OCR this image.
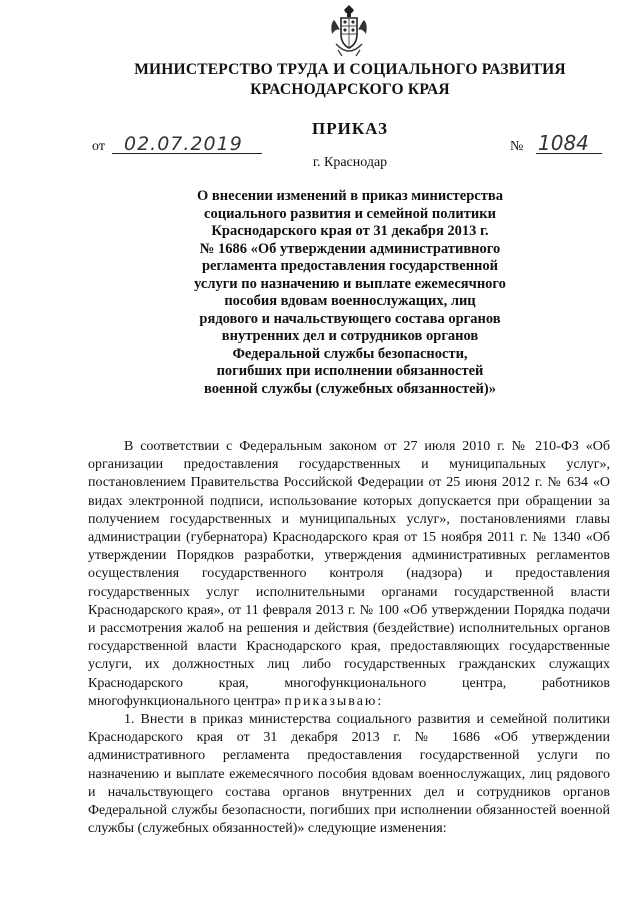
МИНИСТЕРСТВО ТРУДА И СОЦИАЛЬНОГО РАЗВИТИЯ
КРАСНОДАРСКОГО КРАЯ
ПРИКАЗ
от 02.07.2019	№ 1084
г. Краснодар
О внесении изменений в приказ министерства
социального развития и семейной политики
Краснодарского края от 31 декабря 2013 г.
№ 1686 «Об утверждении административного
регламента предоставления государственной
услуги по назначению и выплате ежемесячного
пособия вдовам военнослужащих, лиц
рядового и начальствующего состава органов
внутренних дел и сотрудников органов
Федеральной службы безопасности,
погибших при исполнении обязанностей
военной службы (служебных обязанностей)»

В соответствии с Федеральным законом от 27 июля 2010 г. № 210-ФЗ «Об организации предоставления государственных и муниципальных услуг», постановлением Правительства Российской Федерации от 25 июня 2012 г. № 634 «О видах электронной подписи, использование которых допускается при обращении за получением государственных и муниципальных услуг», постановлениями главы администрации (губернатора) Краснодарского края от 15 ноября 2011 г. № 1340 «Об утверждении Порядков разработки, утверждения административных регламентов осуществления государственного контроля (надзора) и предоставления государственных услуг исполнительными органами государственной власти Краснодарского края», от 11 февраля 2013 г. № 100 «Об утверждении Порядка подачи и рассмотрения жалоб на решения и действия (бездействие) исполнительных органов государственной власти Краснодарского края, предоставляющих государственные услуги, их должностных лиц либо государственных гражданских служащих Краснодарского края, многофункционального центра, работников многофункционального центра» приказываю:

1. Внести в приказ министерства социального развития и семейной политики Краснодарского края от 31 декабря 2013 г. № 1686 «Об утверждении административного регламента предоставления государственной услуги по назначению и выплате ежемесячного пособия вдовам военнослужащих, лиц рядового и начальствующего состава органов внутренних дел и сотрудников органов Федеральной службы безопасности, погибших при исполнении обязанностей военной службы (служебных обязанностей)» следующие изменения:
